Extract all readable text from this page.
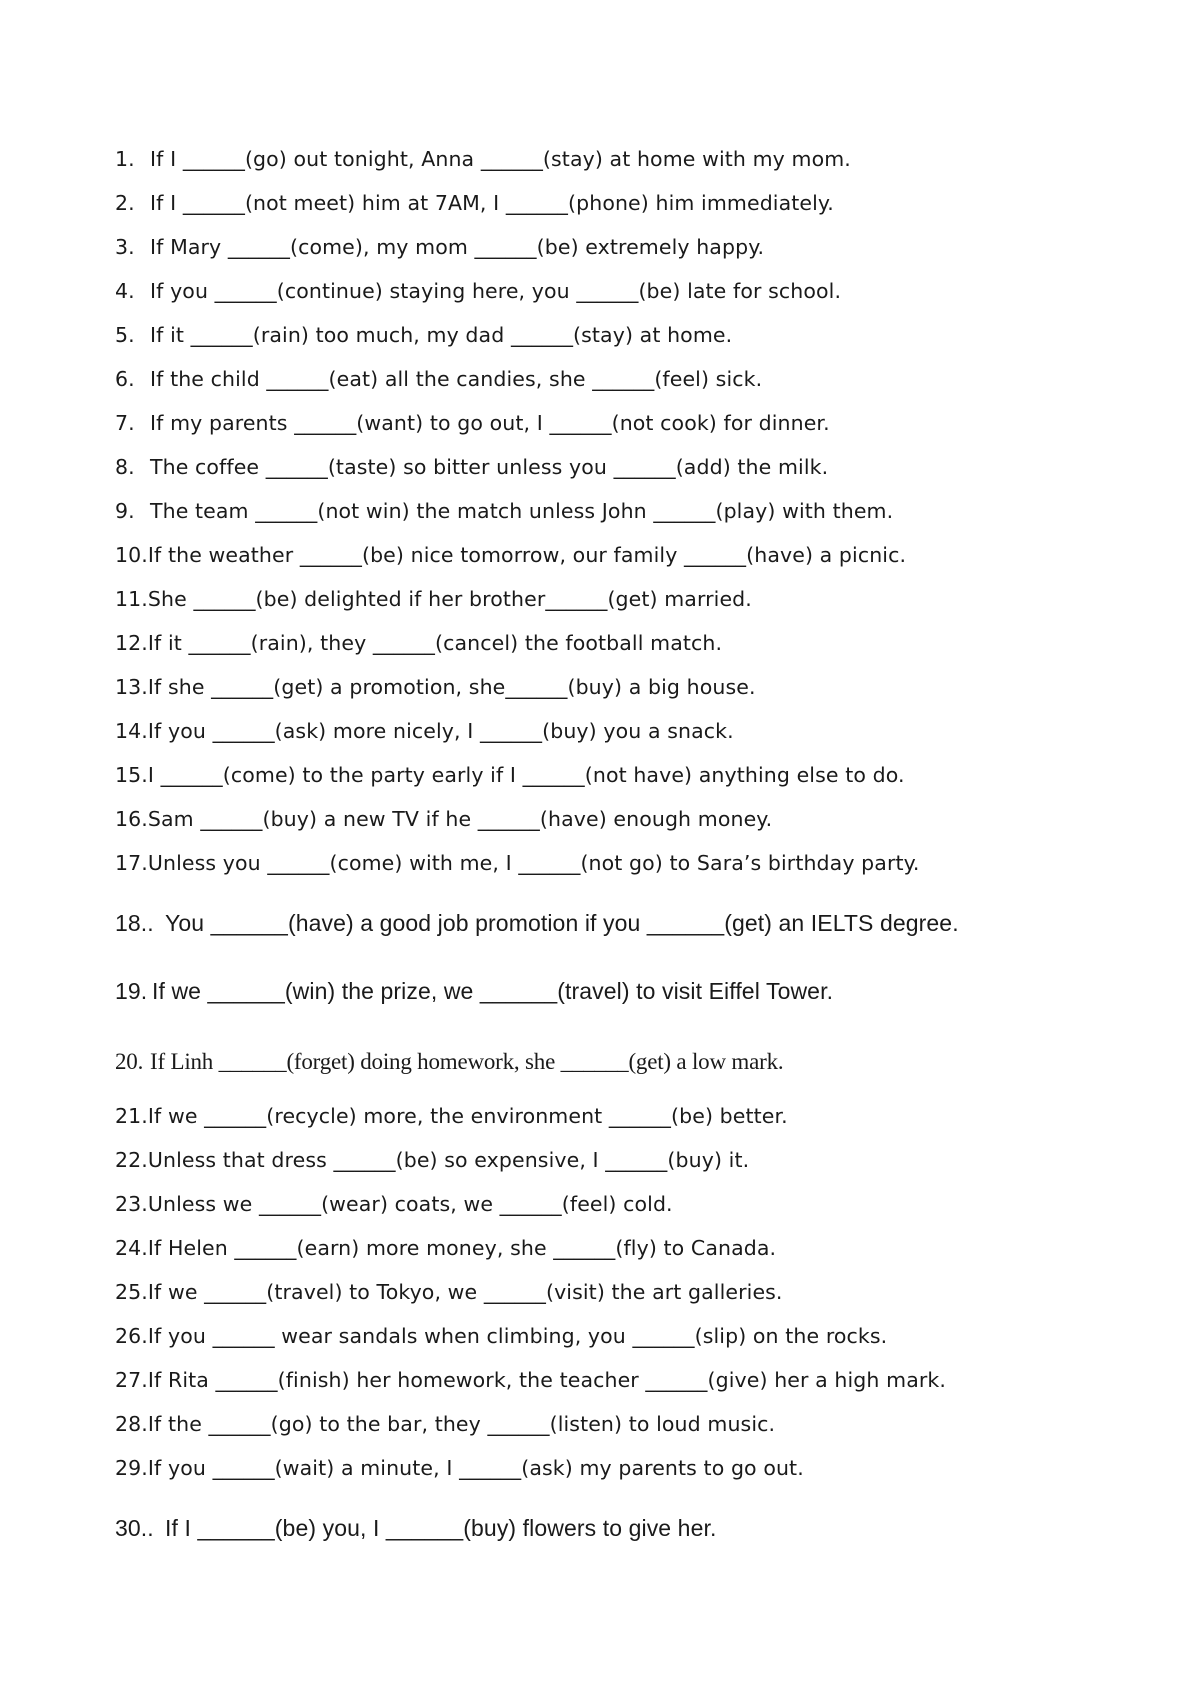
1. If I ______(go) out tonight, Anna ______(stay) at home with my mom.
2. If I ______(not meet) him at 7AM, I ______(phone) him immediately.
3. If Mary ______(come), my mom ______(be) extremely happy.
4. If you ______(continue) staying here, you ______(be) late for school.
5. If it ______(rain) too much, my dad ______(stay) at home.
6. If the child ______(eat) all the candies, she ______(feel) sick.
7. If my parents ______(want) to go out, I ______(not cook) for dinner.
8. The coffee ______(taste) so bitter unless you ______(add) the milk.
9. The team ______(not win) the match unless John ______(play) with them.
10.If the weather ______(be) nice tomorrow, our family ______(have) a picnic.
11.She ______(be) delighted if her brother______(get) married.
12.If it ______(rain), they ______(cancel) the football match.
13.If she ______(get) a promotion, she______(buy) a big house.
14.If you ______(ask) more nicely, I ______(buy) you a snack.
15.I ______(come) to the party early if I ______(not have) anything else to do.
16.Sam ______(buy) a new TV if he ______(have) enough money.
17.Unless you ______(come) with me, I ______(not go) to Sara’s birthday party.
18.. You ______(have) a good job promotion if you ______(get) an IELTS degree.
19. If we ______(win) the prize, we ______(travel) to visit Eiffel Tower.
20. If Linh ______(forget) doing homework, she ______(get) a low mark.
21.If we ______(recycle) more, the environment ______(be) better.
22.Unless that dress ______(be) so expensive, I ______(buy) it.
23.Unless we ______(wear) coats, we ______(feel) cold.
24.If Helen ______(earn) more money, she ______(fly) to Canada.
25.If we ______(travel) to Tokyo, we ______(visit) the art galleries.
26.If you ______ wear sandals when climbing, you ______(slip) on the rocks.
27.If Rita ______(finish) her homework, the teacher ______(give) her a high mark.
28.If the ______(go) to the bar, they ______(listen) to loud music.
29.If you ______(wait) a minute, I ______(ask) my parents to go out.
30.. If I ______(be) you, I ______(buy) flowers to give her.
